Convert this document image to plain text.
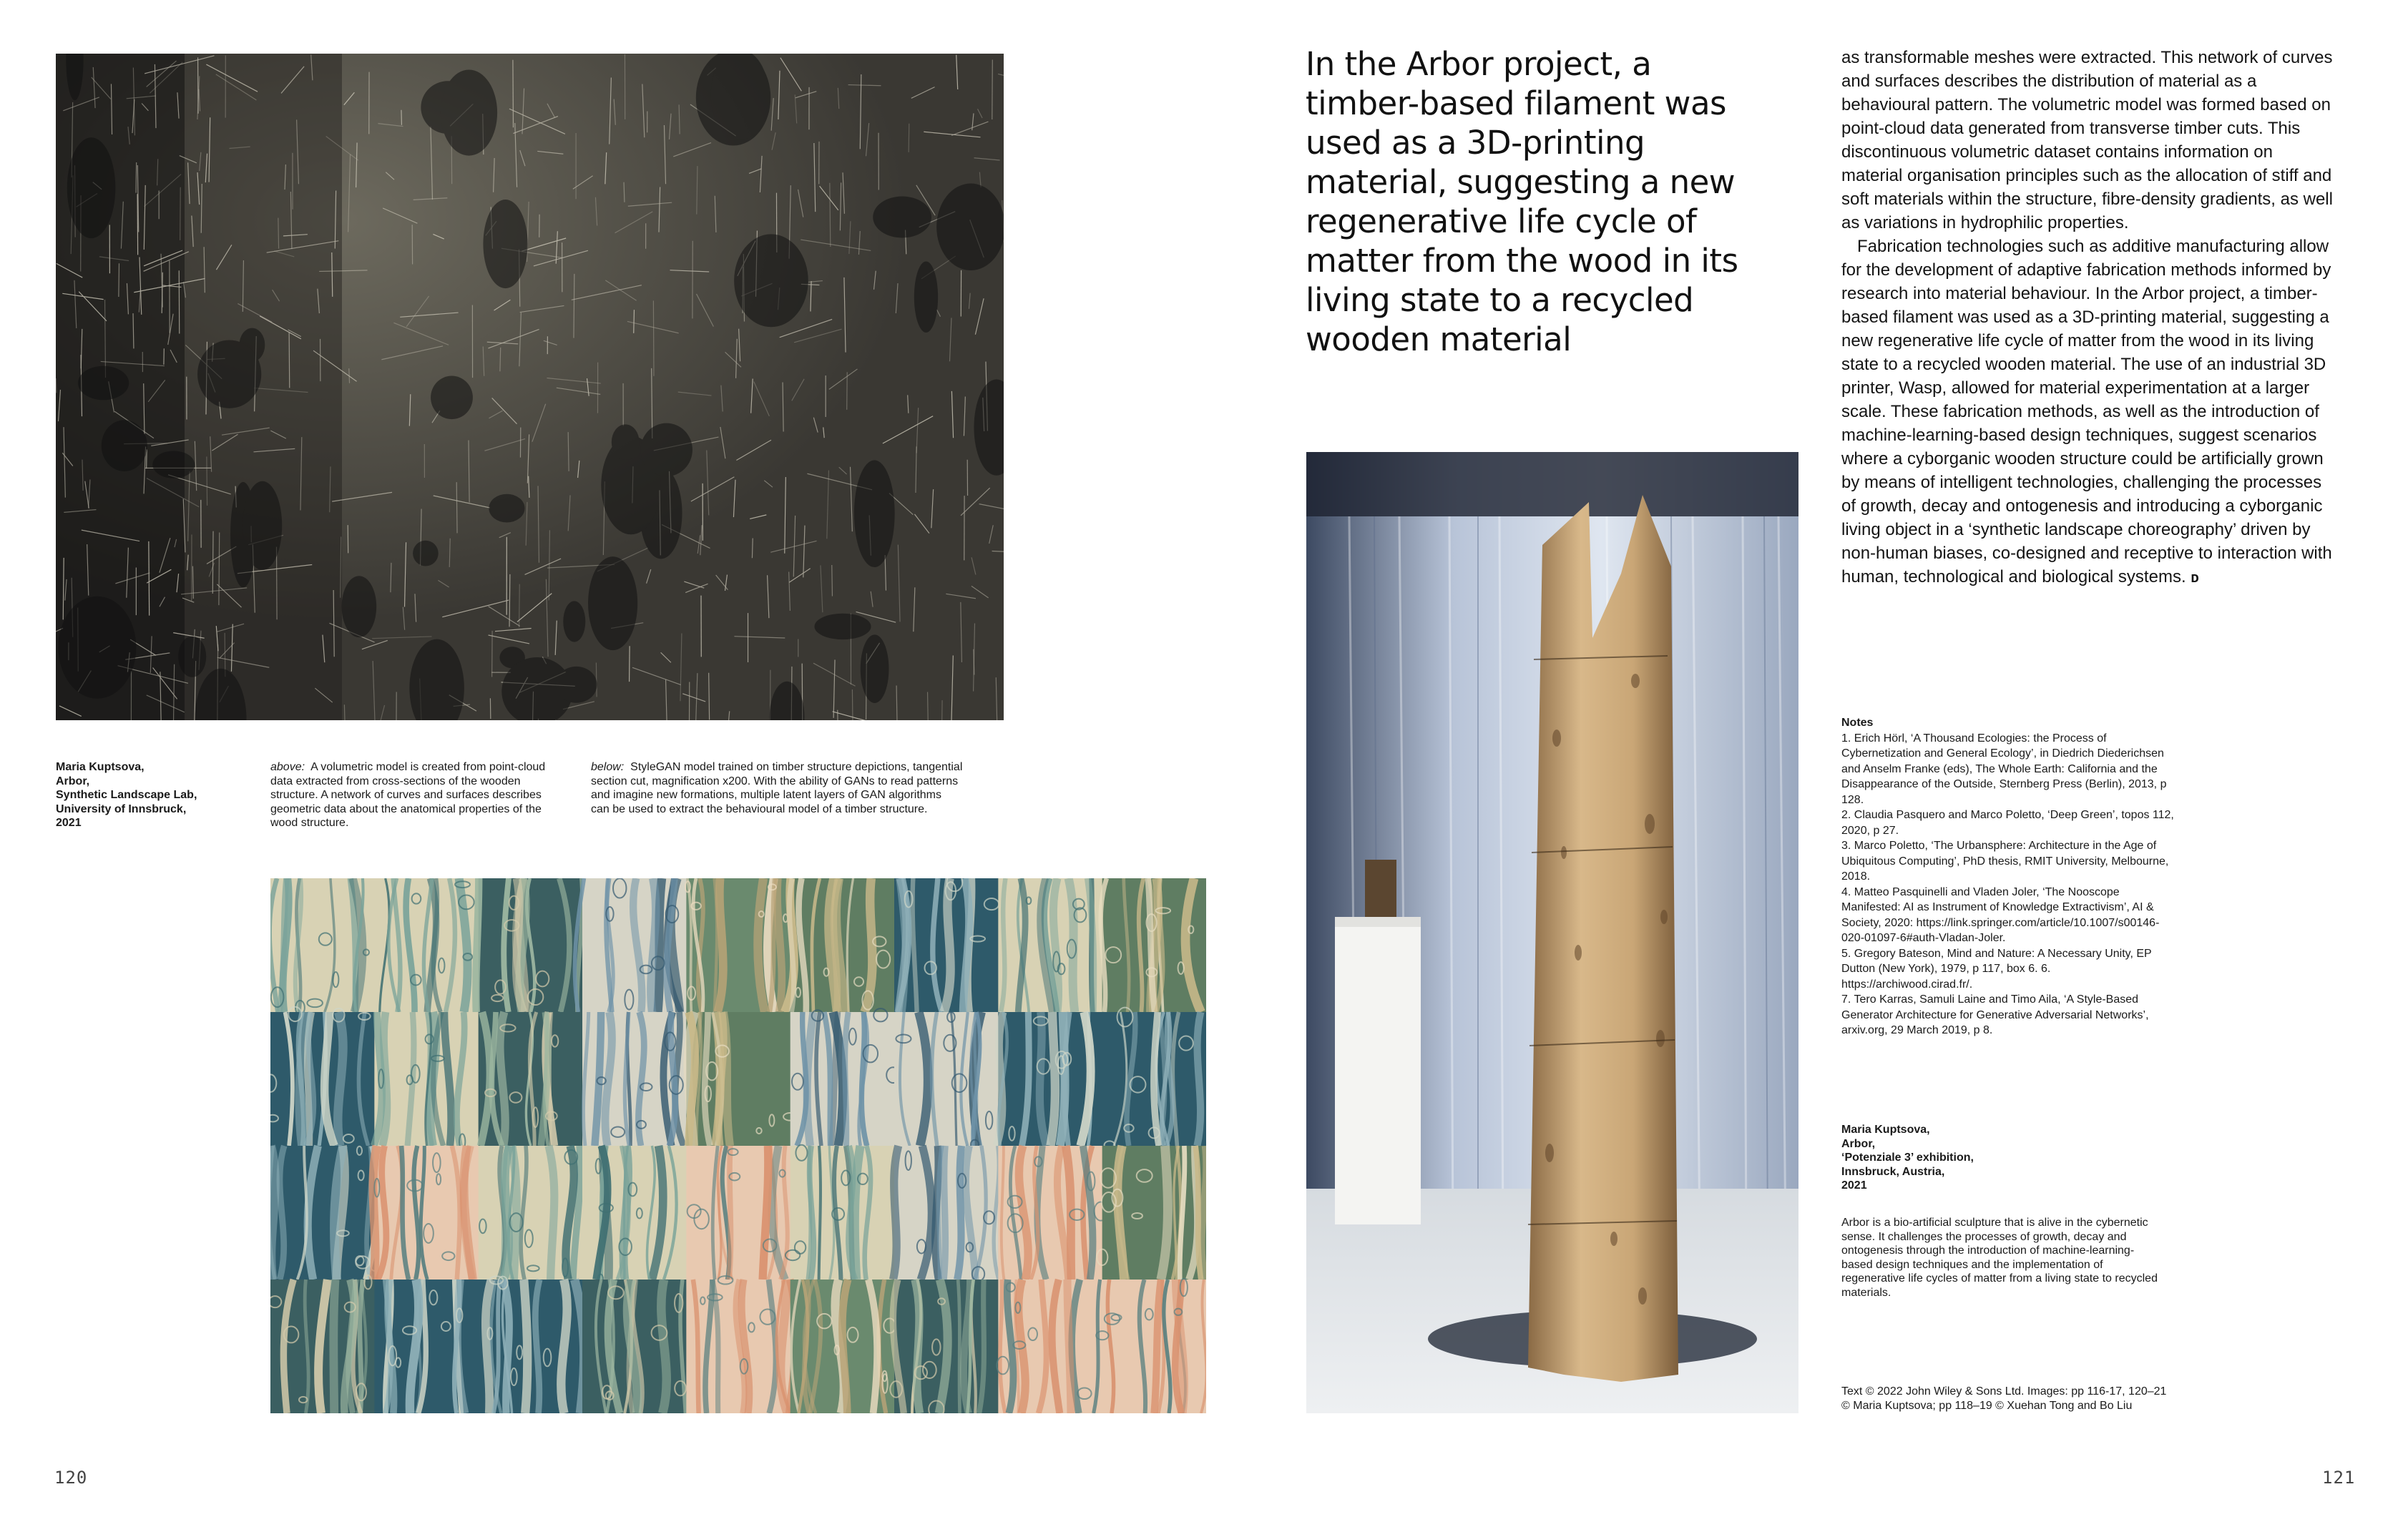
Maria Kuptsova,
Arbor,
Synthetic Landscape Lab,
University of Innsbruck,
2021
above: A volumetric model is created from point-cloud data extracted from cross-sections of the wooden structure. A network of curves and surfaces describes geometric data about the anatomical properties of the wood structure.
below: StyleGAN model trained on timber structure depictions, tangential section cut, magnification x200. With the ability of GANs to read patterns and imagine new formations, multiple latent layers of GAN algorithms can be used to extract the behavioural model of a timber structure.
120
In the Arbor project, a timber-based filament was used as a 3D-printing material, suggesting a new regenerative life cycle of matter from the wood in its living state to a recycled wooden material

as transformable meshes were extracted. This network of curves and surfaces describes the distribution of material as a behavioural pattern. The volumetric model was formed based on point-cloud data generated from transverse timber cuts. This discontinuous volumetric dataset contains information on material organisation principles such as the allocation of stiff and soft materials within the structure, fibre-density gradients, as well as variations in hydrophilic properties.

Fabrication technologies such as additive manufacturing allow for the development of adaptive fabrication methods informed by research into material behaviour. In the Arbor project, a timber-based filament was used as a 3D-printing material, suggesting a new regenerative life cycle of matter from the wood in its living state to a recycled wooden material. The use of an industrial 3D printer, Wasp, allowed for material experimentation at a larger scale. These fabrication methods, as well as the introduction of machine-learning-based design techniques, suggest scenarios where a cyborganic wooden structure could be artificially grown by means of intelligent technologies, challenging the processes of growth, decay and ontogenesis and introducing a cyborganic living object in a ‘synthetic landscape choreography’ driven by non-human biases, co-designed and receptive to interaction with human, technological and biological systems. ᴅ

Notes
1. Erich Hörl, ‘A Thousand Ecologies: the Process of Cybernetization and General Ecology’, in Diedrich Diederichsen and Anselm Franke (eds), The Whole Earth: California and the Disappearance of the Outside, Sternberg Press (Berlin), 2013, p 128.
2. Claudia Pasquero and Marco Poletto, ‘Deep Green’, topos 112, 2020, p 27.
3. Marco Poletto, ‘The Urbansphere: Architecture in the Age of Ubiquitous Computing’, PhD thesis, RMIT University, Melbourne, 2018.
4. Matteo Pasquinelli and Vladen Joler, ‘The Nooscope Manifested: AI as Instrument of Knowledge Extractivism’, AI & Society, 2020: https://link.springer.com/article/10.1007/s00146-020-01097-6#auth-Vladan-Joler.
5. Gregory Bateson, Mind and Nature: A Necessary Unity, EP Dutton (New York), 1979, p 117, box 6. 6. https://archiwood.cirad.fr/.
7. Tero Karras, Samuli Laine and Timo Aila, ‘A Style-Based Generator Architecture for Generative Adversarial Networks’, arxiv.org, 29 March 2019, p 8.
Maria Kuptsova,
Arbor,
‘Potenziale 3’ exhibition,
Innsbruck, Austria,
2021
Arbor is a bio-artificial sculpture that is alive in the cybernetic sense. It challenges the processes of growth, decay and ontogenesis through the introduction of machine-learning-based design techniques and the implementation of regenerative life cycles of matter from a living state to recycled materials.
Text © 2022 John Wiley & Sons Ltd. Images: pp 116-17, 120–21
© Maria Kuptsova; pp 118–19 © Xuehan Tong and Bo Liu
121
